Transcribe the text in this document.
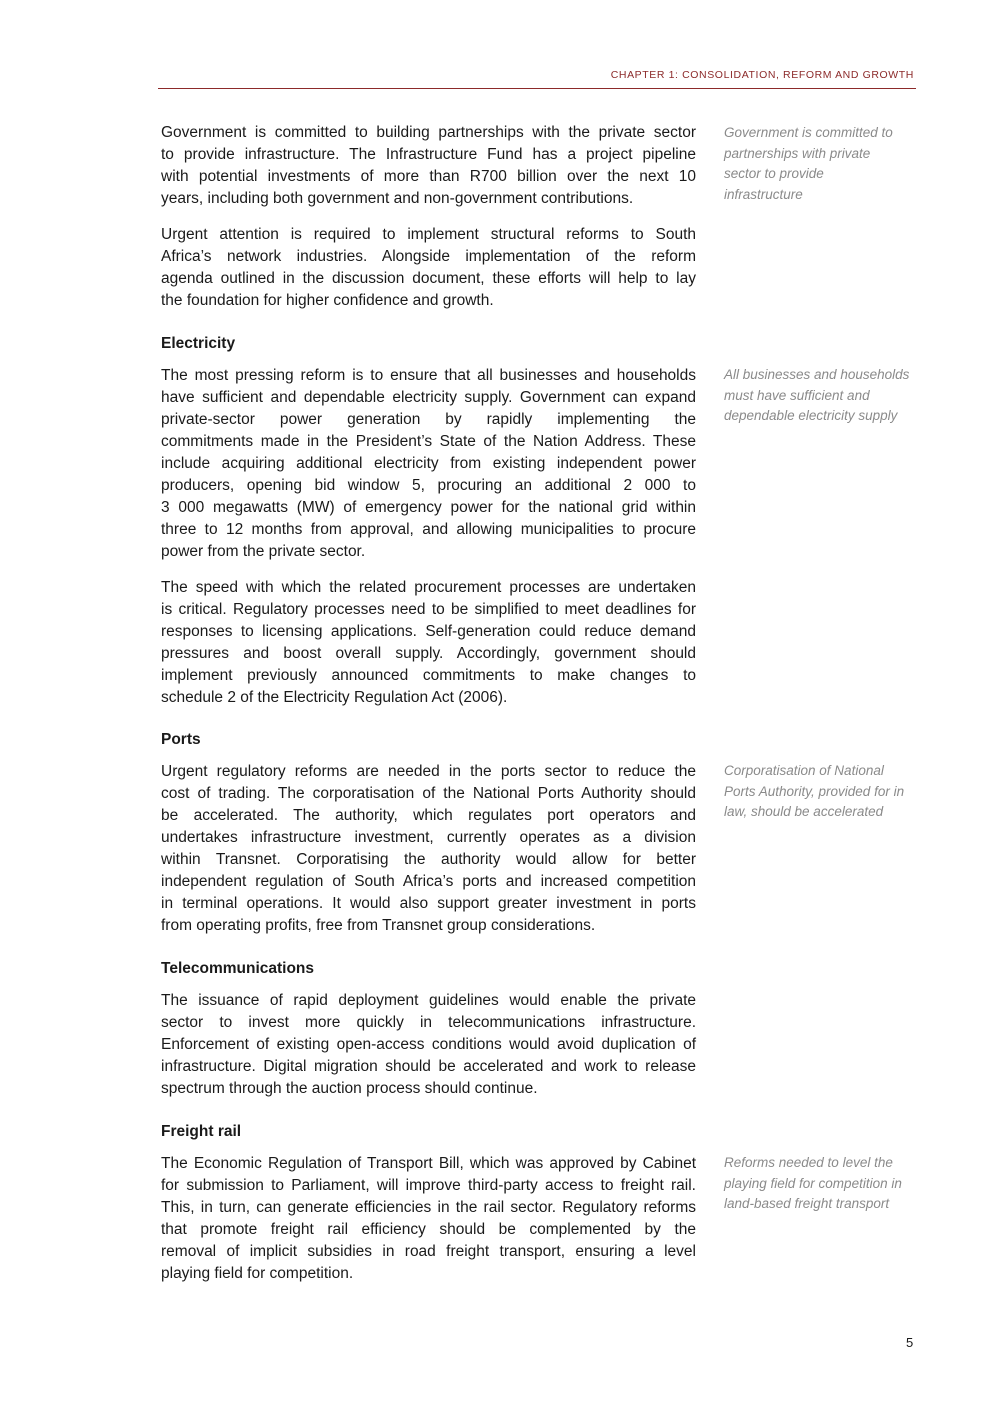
CHAPTER 1: CONSOLIDATION, REFORM AND GROWTH
Government is committed to building partnerships with the private sector
to provide infrastructure. The Infrastructure Fund has a project pipeline
with potential investments of more than R700 billion over the next 10
years, including both government and non-government contributions.
Government is committed to
partnerships with private
sector to provide
infrastructure
Urgent attention is required to implement structural reforms to South
Africa’s network industries. Alongside implementation of the reform
agenda outlined in the discussion document, these efforts will help to lay
the foundation for higher confidence and growth.
Electricity
The most pressing reform is to ensure that all businesses and households
have sufficient and dependable electricity supply. Government can expand
private-sector power generation by rapidly implementing the
commitments made in the President’s State of the Nation Address. These
include acquiring additional electricity from existing independent power
producers, opening bid window 5, procuring an additional 2 000 to
3 000 megawatts (MW) of emergency power for the national grid within
three to 12 months from approval, and allowing municipalities to procure
power from the private sector.
All businesses and households
must have sufficient and
dependable electricity supply
The speed with which the related procurement processes are undertaken
is critical. Regulatory processes need to be simplified to meet deadlines for
responses to licensing applications. Self-generation could reduce demand
pressures and boost overall supply. Accordingly, government should
implement previously announced commitments to make changes to
schedule 2 of the Electricity Regulation Act (2006).
Ports
Urgent regulatory reforms are needed in the ports sector to reduce the
cost of trading. The corporatisation of the National Ports Authority should
be accelerated. The authority, which regulates port operators and
undertakes infrastructure investment, currently operates as a division
within Transnet. Corporatising the authority would allow for better
independent regulation of South Africa’s ports and increased competition
in terminal operations. It would also support greater investment in ports
from operating profits, free from Transnet group considerations.
Corporatisation of National
Ports Authority, provided for in
law, should be accelerated
Telecommunications
The issuance of rapid deployment guidelines would enable the private
sector to invest more quickly in telecommunications infrastructure.
Enforcement of existing open-access conditions would avoid duplication of
infrastructure. Digital migration should be accelerated and work to release
spectrum through the auction process should continue.
Freight rail
The Economic Regulation of Transport Bill, which was approved by Cabinet
for submission to Parliament, will improve third-party access to freight rail.
This, in turn, can generate efficiencies in the rail sector. Regulatory reforms
that promote freight rail efficiency should be complemented by the
removal of implicit subsidies in road freight transport, ensuring a level
playing field for competition.
Reforms needed to level the
playing field for competition in
land-based freight transport
5
